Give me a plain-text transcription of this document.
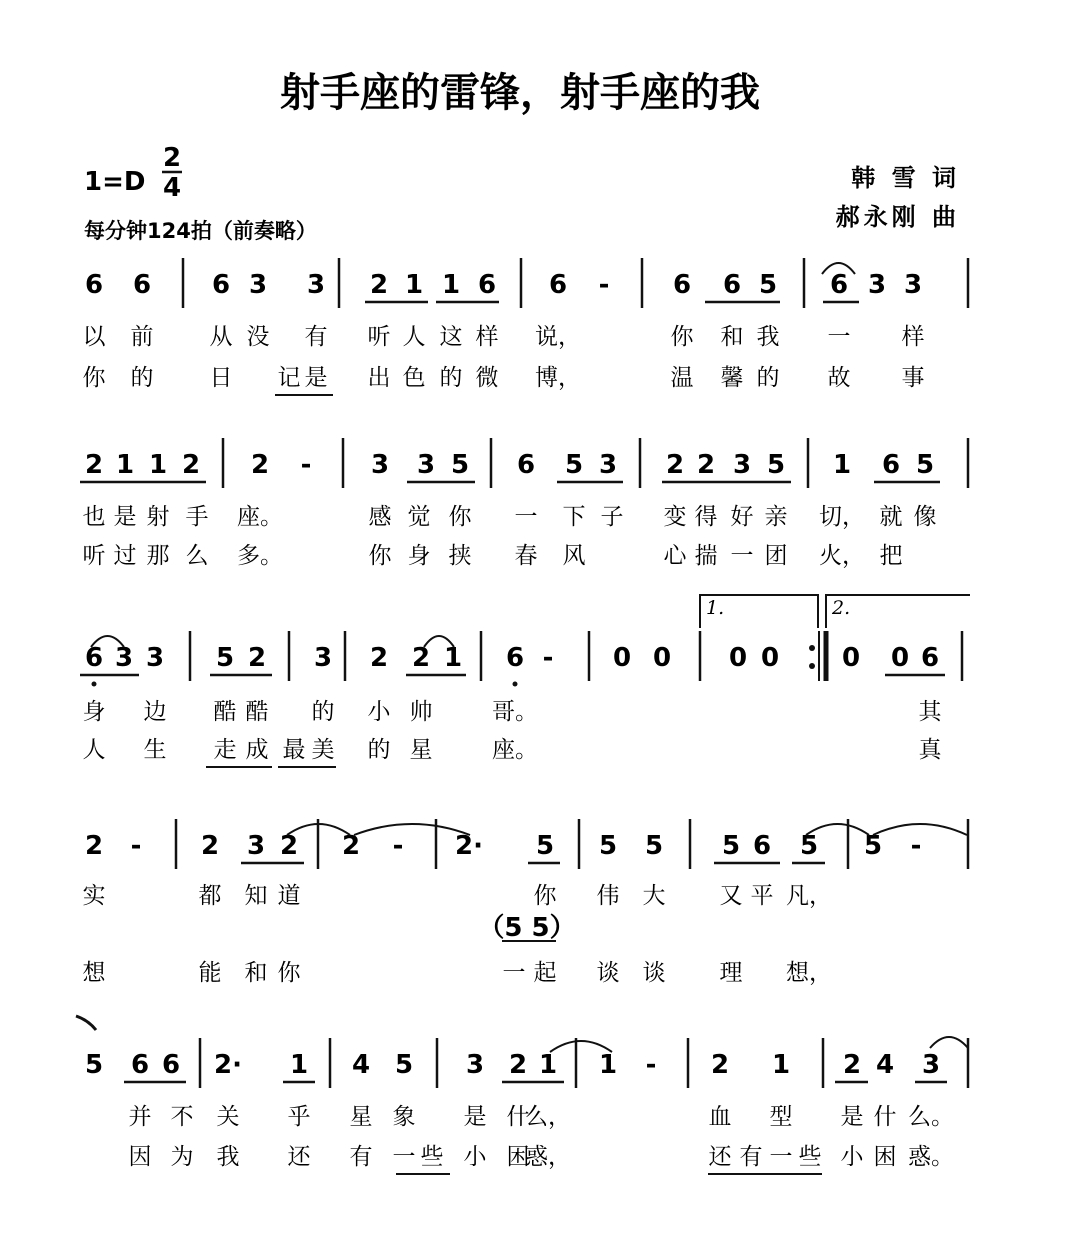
射手座的雷锋，射手座的我
1=D
2
4
每分钟124拍（前奏略）
韩 雪 词
郝永刚 曲
6 6 6 3 3 2 1 1 6 6 - 6 6 5 6 3 3
以 前 从 没 有 听 人 这 样 说，	你 和 我 一 样
你 的 日 记 是 出 色 的 微 博，	温 馨 的 故 事
2 1 1 2 2 - 3 3 5 6 5 3 2 2 3 5 1 6 5
也 是 射 手 座。	感 觉 你 一 下 子 变 得 好 亲 切， 就 像
听 过 那 么 多。	你 身 挟 春 风	心 揣 一 团 火， 把
6 3 3 5 2 3 2 2 1 6 - 0 0 0 0 0 0 6
身 边 酷 酷 的 小 帅	哥。	其
人 生 走 成 最 美 的 星	座。	真
2 - 2 3 2 2 - 2· 5 5 5 5 6 5 5 -
实	都 知 道	你 伟 大 又 平 凡，
想	能 和 你	一 起 谈 谈 理 想，
（5 5）
5 6 6 2· 1 4 5 3 2 1 1 - 2 1 2 4 3
并 不 关 乎 星 象 是 什
么，	血 型 是 什 么。
因 为 我 还 有 一 些 小 困
惑，	还 有 一 些 小 困 惑。
1.	2.
